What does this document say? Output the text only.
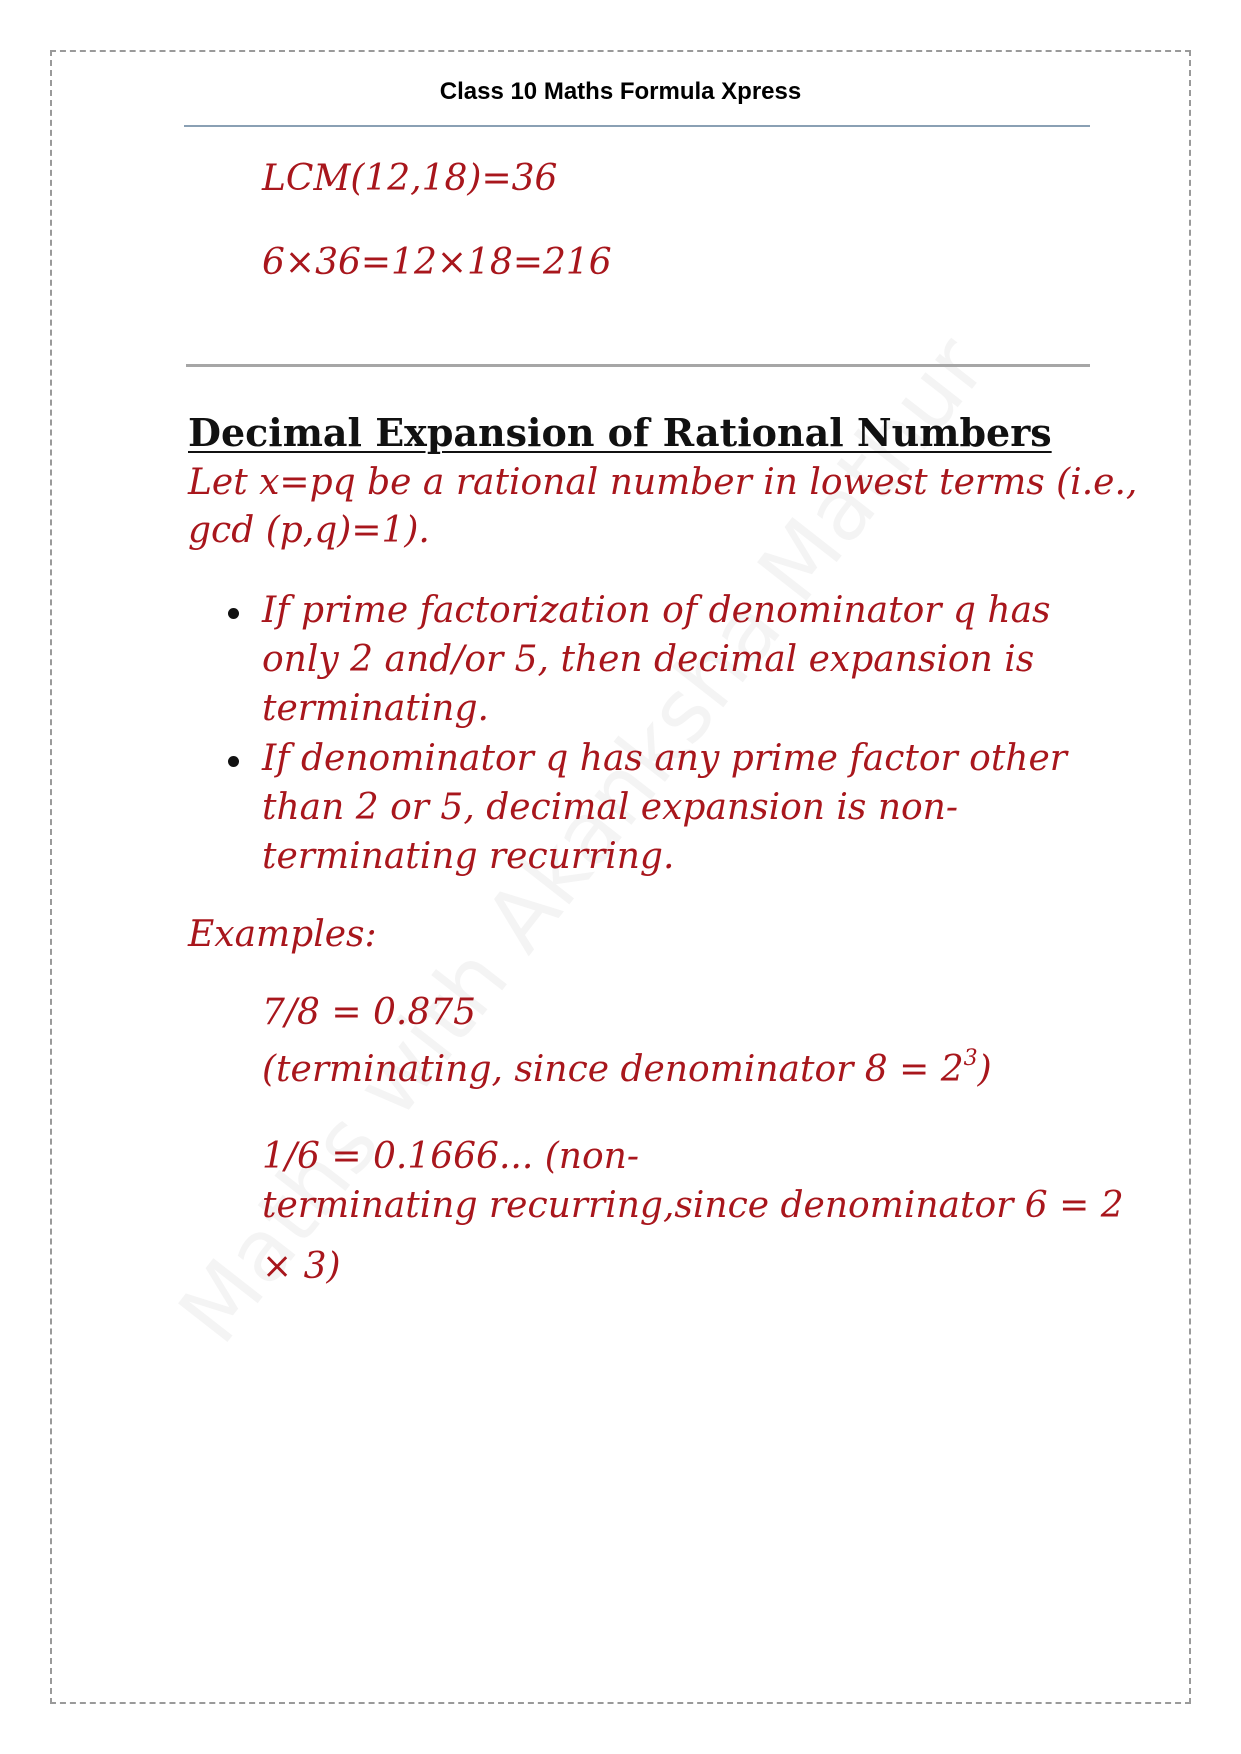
Class 10 Maths Formula Xpress
LCM(12,18)=36
6×36=12×18=216
Decimal Expansion of Rational Numbers
Let x=pq be a rational number in lowest terms (i.e.,
gcd (p,q)=1).
If prime factorization of denominator q has
only 2 and/or 5, then decimal expansion is
terminating.
If denominator q has any prime factor other
than 2 or 5, decimal expansion is non-
terminating recurring.
Examples:
7/8 = 0.875
(terminating, since denominator $8 = 2^3$)
1/6 = 0.1666... (non-
terminating recurring,since denominator 6 = 2
× 3)
